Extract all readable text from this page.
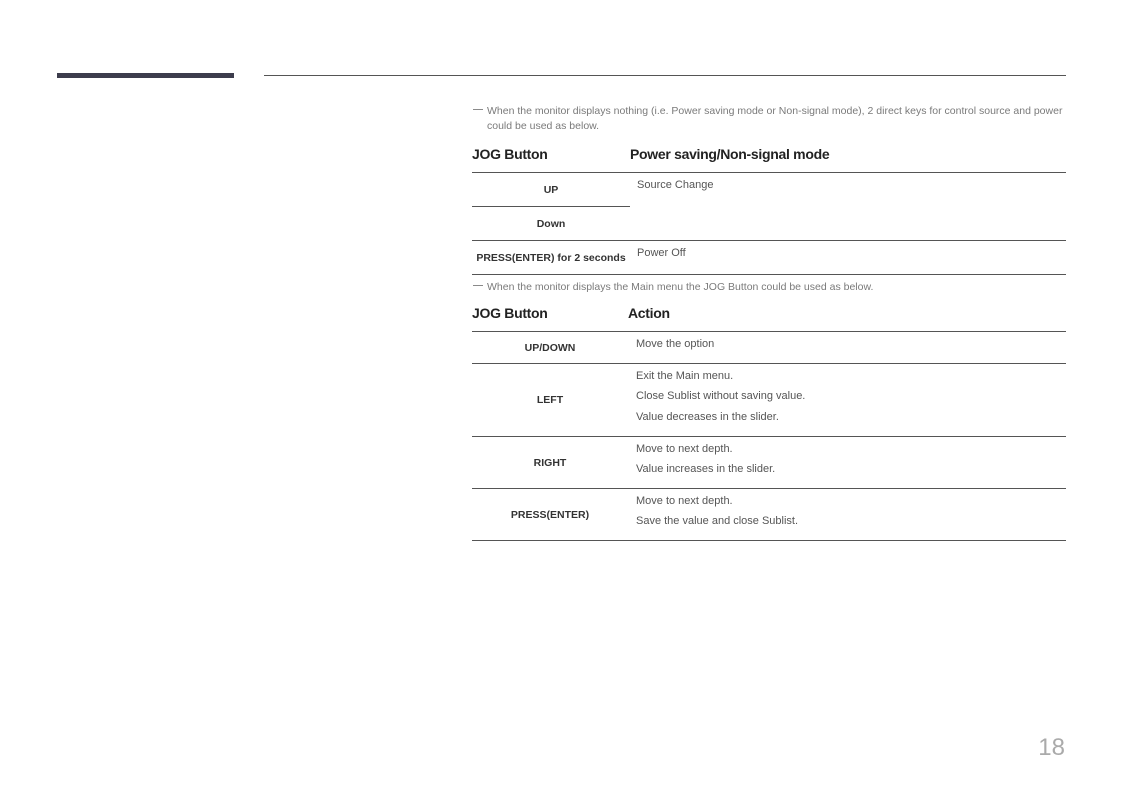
When the monitor displays nothing (i.e. Power saving mode or Non-signal mode), 2 direct keys for control source and power
could be used as below.
JOG Button	Power saving/Non-signal mode
UP	Source Change
Down	
PRESS(ENTER) for 2 seconds	Power Off
When the monitor displays the Main menu the JOG Button could be used as below.
JOG Button	Action
UP/DOWN	Move the option

LEFT	Exit the Main menu.
Close Sublist without saving value.
Value decreases in the slider.

RIGHT	Move to next depth.
Value increases in the slider.

PRESS(ENTER)	Move to next depth.
Save the value and close Sublist.
18
